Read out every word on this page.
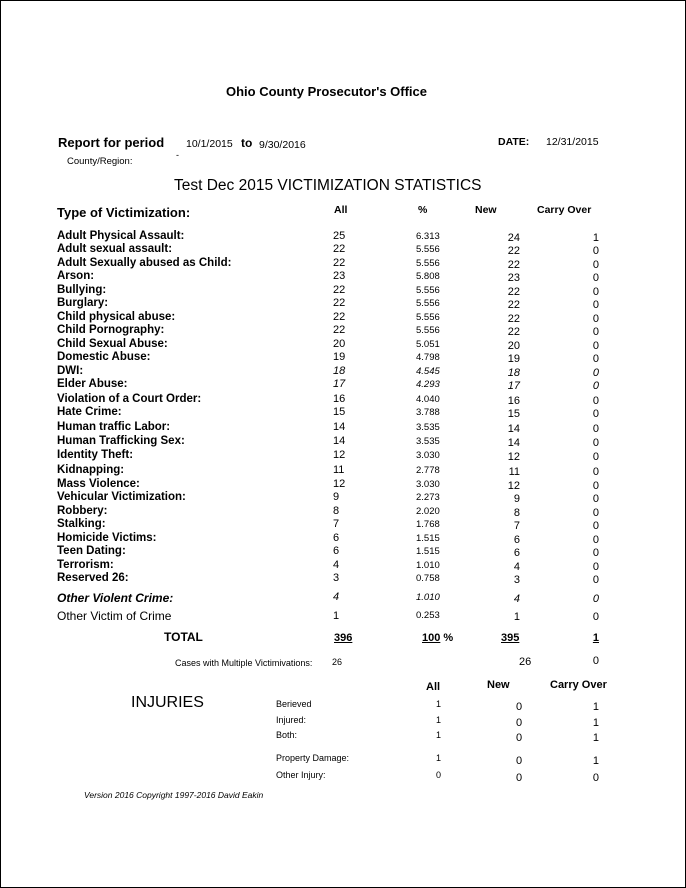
Ohio County Prosecutor's Office
Report for period 10/1/2015 to 9/30/2016	DATE: 12/31/2015
County/Region:
-
Test Dec 2015 VICTIMIZATION STATISTICS
Type of Victimization:	All	%	New	Carry Over
Adult Physical Assault:	25	6.313	24	1
Adult sexual assault:	22	5.556	22	0
Adult Sexually abused as Child:	22	5.556	22	0
Arson:	23	5.808	23	0
Bullying:	22	5.556	22	0
Burglary:	22	5.556	22	0
Child physical abuse:	22	5.556	22	0
Child Pornography:	22	5.556	22	0
Child Sexual Abuse:	20	5.051	20	0
Domestic Abuse:	19	4.798	19	0
DWI:	18	4.545	18	0
Elder Abuse:	17	4.293	17	0
Violation of a Court Order:	16	4.040	16	0
Hate Crime:	15	3.788	15	0
Human traffic Labor:	14	3.535	14	0
Human Trafficking Sex:	14	3.535	14	0
Identity Theft:	12	3.030	12	0
Kidnapping:	11	2.778	11	0
Mass Violence:	12	3.030	12	0
Vehicular Victimization:	9	2.273	9	0
Robbery:	8	2.020	8	0
Stalking:	7	1.768	7	0
Homicide Victims:	6	1.515	6	0
Teen Dating:	6	1.515	6	0
Terrorism:	4	1.010	4	0
Reserved 26:	3	0.758	3	0
Other Violent Crime:	4	1.010	4	0
Other Victim of Crime	1	0.253	1	0
TOTAL	396	100 %	395	1
Cases with Multiple Victimivations: 26	26	0
All	New	Carry Over
INJURIES	Berieved	1	0	1
Injured:	1	0	1
Both:	1	0	1
Property Damage:	1	0	1
Other Injury:	0	0	0
Version 2016 Copyright 1997-2016 David Eakin
